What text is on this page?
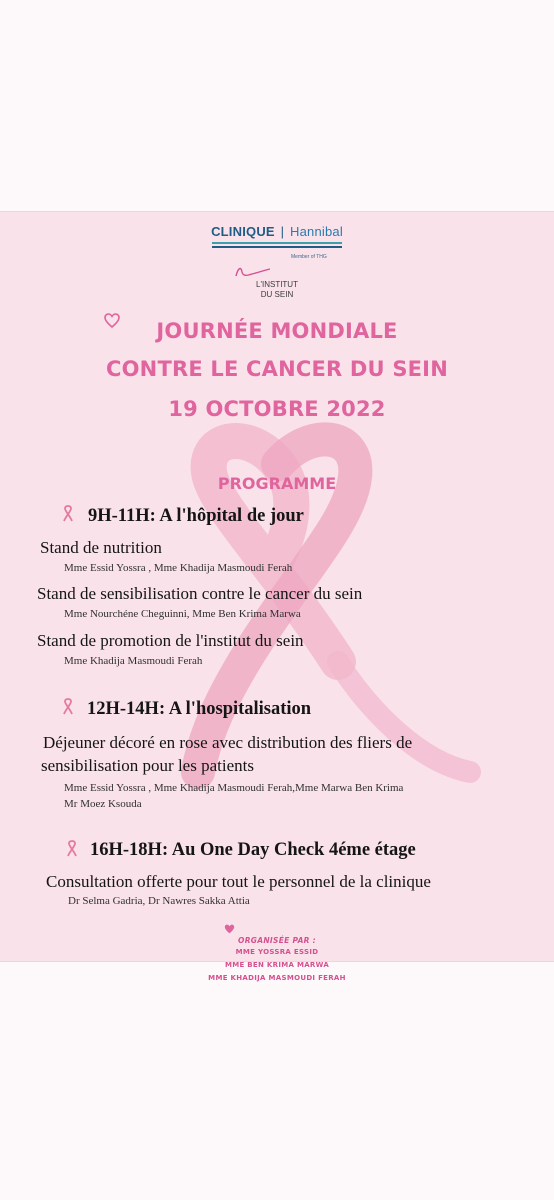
CLINIQUE | Hannibal
Member of THG
L'INSTITUT
DU SEIN
JOURNÉE MONDIALE
CONTRE LE CANCER DU SEIN
19 OCTOBRE 2022
PROGRAMME
9H-11H: A l'hôpital de jour
Stand de nutrition
Mme Essid Yossra , Mme Khadija Masmoudi Ferah
Stand de sensibilisation contre le cancer du sein
Mme Nourchéne Cheguinni, Mme Ben Krima Marwa
Stand de promotion de l'institut du sein
Mme Khadija Masmoudi Ferah
12H-14H: A l'hospitalisation
Déjeuner décoré en rose avec distribution des fliers de
sensibilisation pour les patients
Mme Essid Yossra , Mme Khadija Masmoudi Ferah,Mme Marwa Ben Krima
Mr Moez Ksouda
16H-18H: Au One Day Check 4éme étage
Consultation offerte pour tout le personnel de la clinique
Dr Selma Gadria, Dr Nawres Sakka Attia
ORGANISÉE PAR :
MME YOSSRA ESSID
MME BEN KRIMA MARWA
MME KHADIJA MASMOUDI FERAH
